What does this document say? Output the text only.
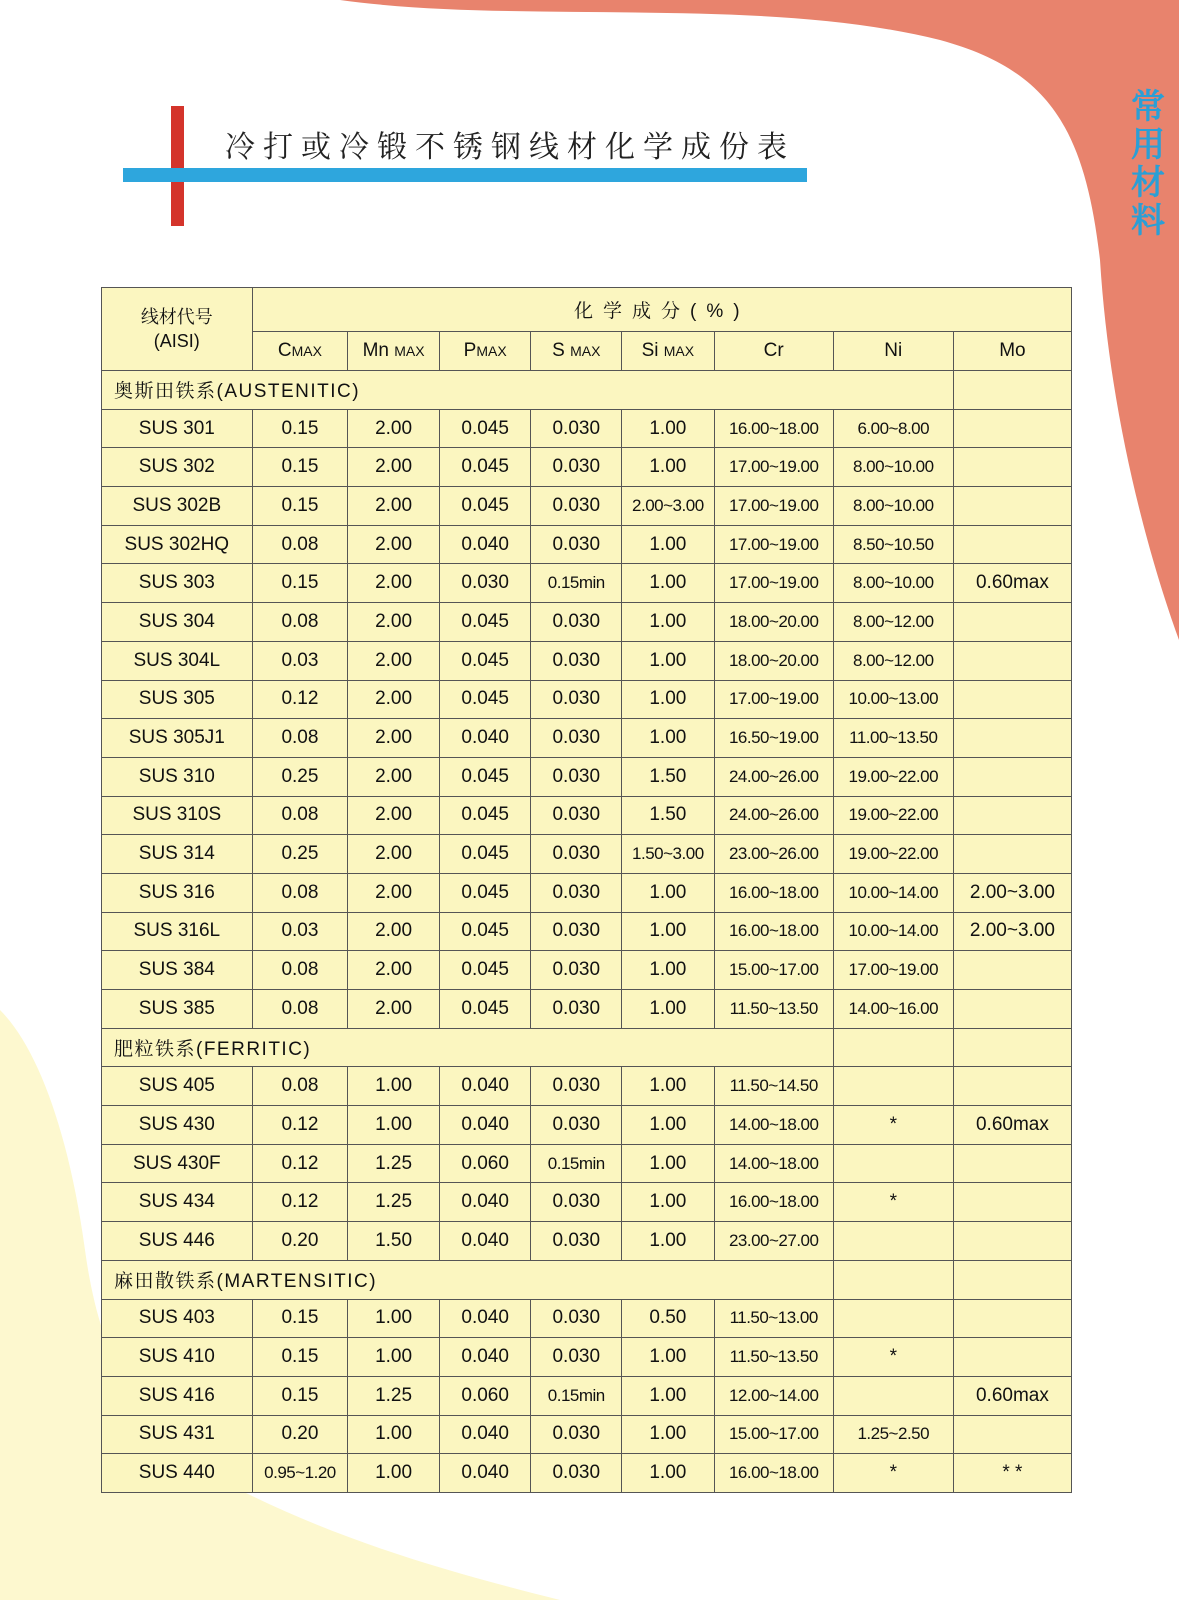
常
用
材
料
冷打或冷锻不锈钢线材化学成份表
线材代号
(AISI)	化学成分(%)							
	CMAX	Mn MAX	PMAX	S MAX	Si MAX	Cr	Ni	Mo
奥斯田铁系(AUSTENITIC)								
SUS 301	0.15	2.00	0.045	0.030	1.00	16.00~18.00	6.00~8.00	
SUS 302	0.15	2.00	0.045	0.030	1.00	17.00~19.00	8.00~10.00	
SUS 302B	0.15	2.00	0.045	0.030	2.00~3.00	17.00~19.00	8.00~10.00	
SUS 302HQ	0.08	2.00	0.040	0.030	1.00	17.00~19.00	8.50~10.50	
SUS 303	0.15	2.00	0.030	0.15min	1.00	17.00~19.00	8.00~10.00	0.60max
SUS 304	0.08	2.00	0.045	0.030	1.00	18.00~20.00	8.00~12.00	
SUS 304L	0.03	2.00	0.045	0.030	1.00	18.00~20.00	8.00~12.00	
SUS 305	0.12	2.00	0.045	0.030	1.00	17.00~19.00	10.00~13.00	
SUS 305J1	0.08	2.00	0.040	0.030	1.00	16.50~19.00	11.00~13.50	
SUS 310	0.25	2.00	0.045	0.030	1.50	24.00~26.00	19.00~22.00	
SUS 310S	0.08	2.00	0.045	0.030	1.50	24.00~26.00	19.00~22.00	
SUS 314	0.25	2.00	0.045	0.030	1.50~3.00	23.00~26.00	19.00~22.00	
SUS 316	0.08	2.00	0.045	0.030	1.00	16.00~18.00	10.00~14.00	2.00~3.00
SUS 316L	0.03	2.00	0.045	0.030	1.00	16.00~18.00	10.00~14.00	2.00~3.00
SUS 384	0.08	2.00	0.045	0.030	1.00	15.00~17.00	17.00~19.00	
SUS 385	0.08	2.00	0.045	0.030	1.00	11.50~13.50	14.00~16.00	
肥粒铁系(FERRITIC)								
SUS 405	0.08	1.00	0.040	0.030	1.00	11.50~14.50		
SUS 430	0.12	1.00	0.040	0.030	1.00	14.00~18.00	*	0.60max
SUS 430F	0.12	1.25	0.060	0.15min	1.00	14.00~18.00		
SUS 434	0.12	1.25	0.040	0.030	1.00	16.00~18.00	*	
SUS 446	0.20	1.50	0.040	0.030	1.00	23.00~27.00		
麻田散铁系(MARTENSITIC)								
SUS 403	0.15	1.00	0.040	0.030	0.50	11.50~13.00		
SUS 410	0.15	1.00	0.040	0.030	1.00	11.50~13.50	*	
SUS 416	0.15	1.25	0.060	0.15min	1.00	12.00~14.00		0.60max
SUS 431	0.20	1.00	0.040	0.030	1.00	15.00~17.00	1.25~2.50	
SUS 440	0.95~1.20	1.00	0.040	0.030	1.00	16.00~18.00	*	* *
